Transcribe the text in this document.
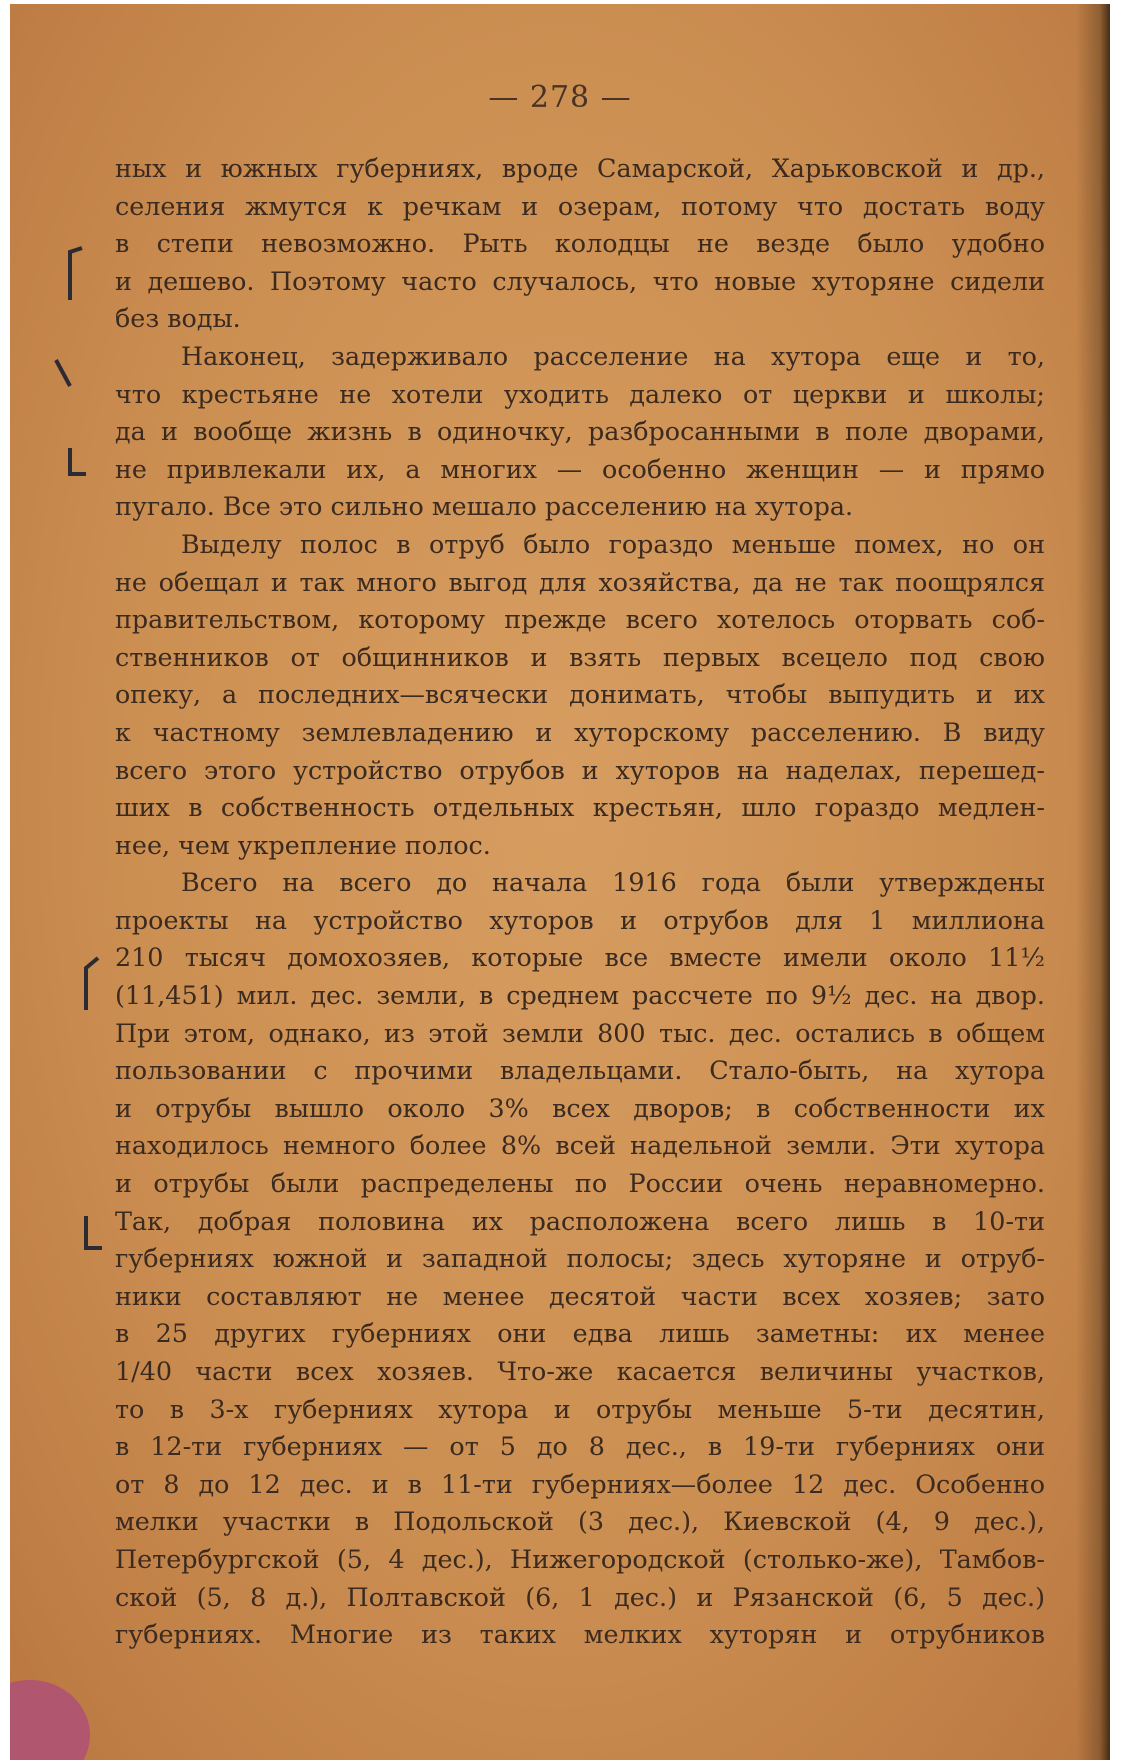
— 278 —
ных и южных губерниях, вроде Самарской, Харьковской и др.,
селения жмутся к речкам и озерам, потому что достать воду
в степи невозможно. Рыть колодцы не везде было удобно
и дешево. Поэтому часто случалось, что новые хуторяне сидели
без воды.
Наконец, задерживало расселение на хутора еще и то,
что крестьяне не хотели уходить далеко от церкви и школы;
да и вообще жизнь в одиночку, разбросанными в поле дворами,
не привлекали их, а многих — особенно женщин — и прямо
пугало. Все это сильно мешало расселению на хутора.
Выделу полос в отруб было гораздо меньше помех, но он
не обещал и так много выгод для хозяйства, да не так поощрялся
правительством, которому прежде всего хотелось оторвать соб-
ственников от общинников и взять первых всецело под свою
опеку, а последних—всячески донимать, чтобы выпудить и их
к частному землевладению и хуторскому расселению. В виду
всего этого устройство отрубов и хуторов на наделах, перешед-
ших в собственность отдельных крестьян, шло гораздо медлен-
нее, чем укрепление полос.
Всего на всего до начала 1916 года были утверждены
проекты на устройство хуторов и отрубов для 1 миллиона
210 тысяч домохозяев, которые все вместе имели около 11½
(11,451) мил. дес. земли, в среднем рассчете по 9½ дес. на двор.
При этом, однако, из этой земли 800 тыс. дес. остались в общем
пользовании с прочими владельцами. Стало-быть, на хутора
и отрубы вышло около 3% всех дворов; в собственности их
находилось немного более 8% всей надельной земли. Эти хутора
и отрубы были распределены по России очень неравномерно.
Так, добрая половина их расположена всего лишь в 10-ти
губерниях южной и западной полосы; здесь хуторяне и отруб-
ники составляют не менее десятой части всех хозяев; зато
в 25 других губерниях они едва лишь заметны: их менее
1/40 части всех хозяев. Что-же касается величины участков,
то в 3-х губерниях хутора и отрубы меньше 5-ти десятин,
в 12-ти губерниях — от 5 до 8 дес., в 19-ти губерниях они
от 8 до 12 дес. и в 11-ти губерниях—более 12 дес. Особенно
мелки участки в Подольской (3 дес.), Киевской (4, 9 дес.),
Петербургской (5, 4 дес.), Нижегородской (столько-же), Тамбов-
ской (5, 8 д.), Полтавской (6, 1 дес.) и Рязанской (6, 5 дес.)
губерниях. Многие из таких мелких хуторян и отрубников
